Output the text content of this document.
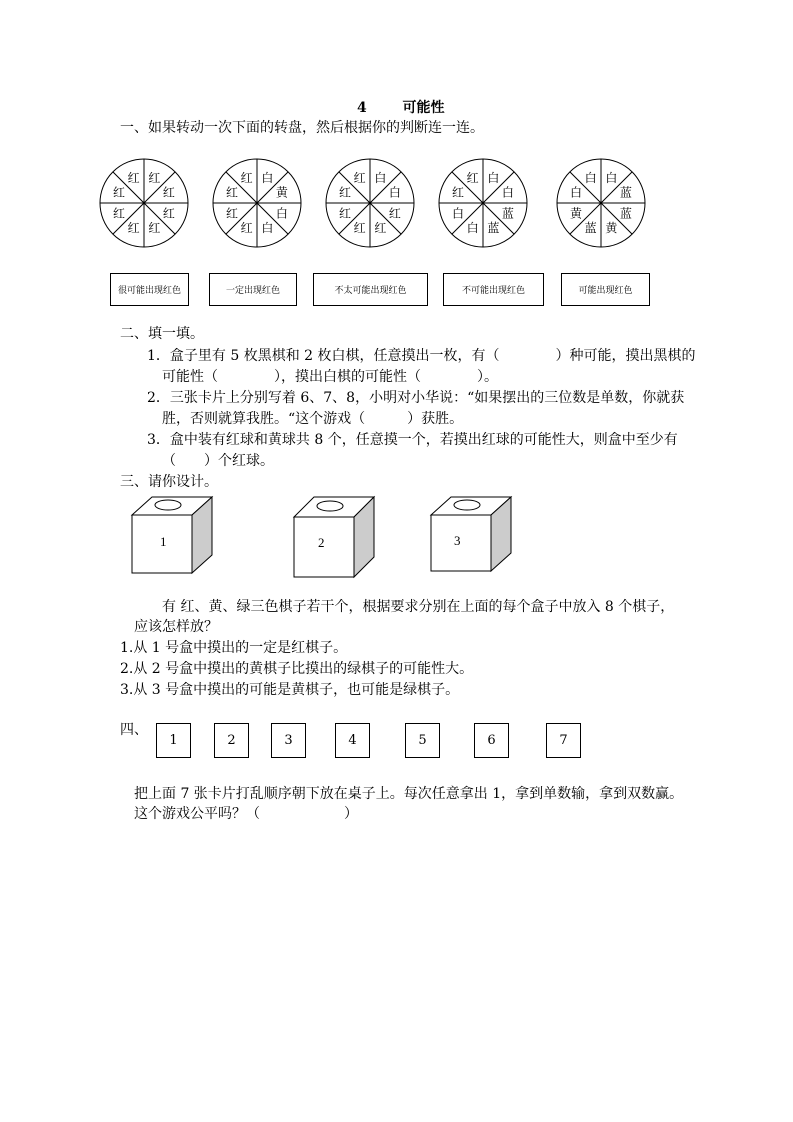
4	可能性
一、如果转动一次下面的转盘，然后根据你的判断连一连。
红
红
红
红
红
红
红
红	白
黄
白
白
红
红
红
红	白
白
红
红
红
红
红
红	白
白
蓝
蓝
白
白
红
红	白
蓝
蓝
黄
蓝
黄
白
白
很可能出现红色	一定出现红色	不太可能出现红色	不可能出现红色	可能出现红色
二、填一填。
1．盒子里有 5 枚黑棋和 2 枚白棋，任意摸出一枚，有（　　　　）种可能，摸出黑棋的
可能性（　　　　），摸出白棋的可能性（　　　　）。
2．三张卡片上分别写着 6、7、8，小明对小华说：“如果摆出的三位数是单数，你就获
胜，否则就算我胜。“这个游戏（　　　）获胜。
3．盒中装有红球和黄球共 8 个，任意摸一个，若摸出红球的可能性大，则盒中至少有
（　　）个红球。
三、请你设计。
1	2	3
有 红、黄、绿三色棋子若干个，根据要求分别在上面的每个盒子中放入 8 个棋子，
应该怎样放？
1.从 1 号盒中摸出的一定是红棋子。
2.从 2 号盒中摸出的黄棋子比摸出的绿棋子的可能性大。
3.从 3 号盒中摸出的可能是黄棋子，也可能是绿棋子。
四、
1	2	3	4	5	6	7
把上面 7 张卡片打乱顺序朝下放在桌子上。每次任意拿出 1，拿到单数输，拿到双数赢。
这个游戏公平吗？（　　　　　　）
